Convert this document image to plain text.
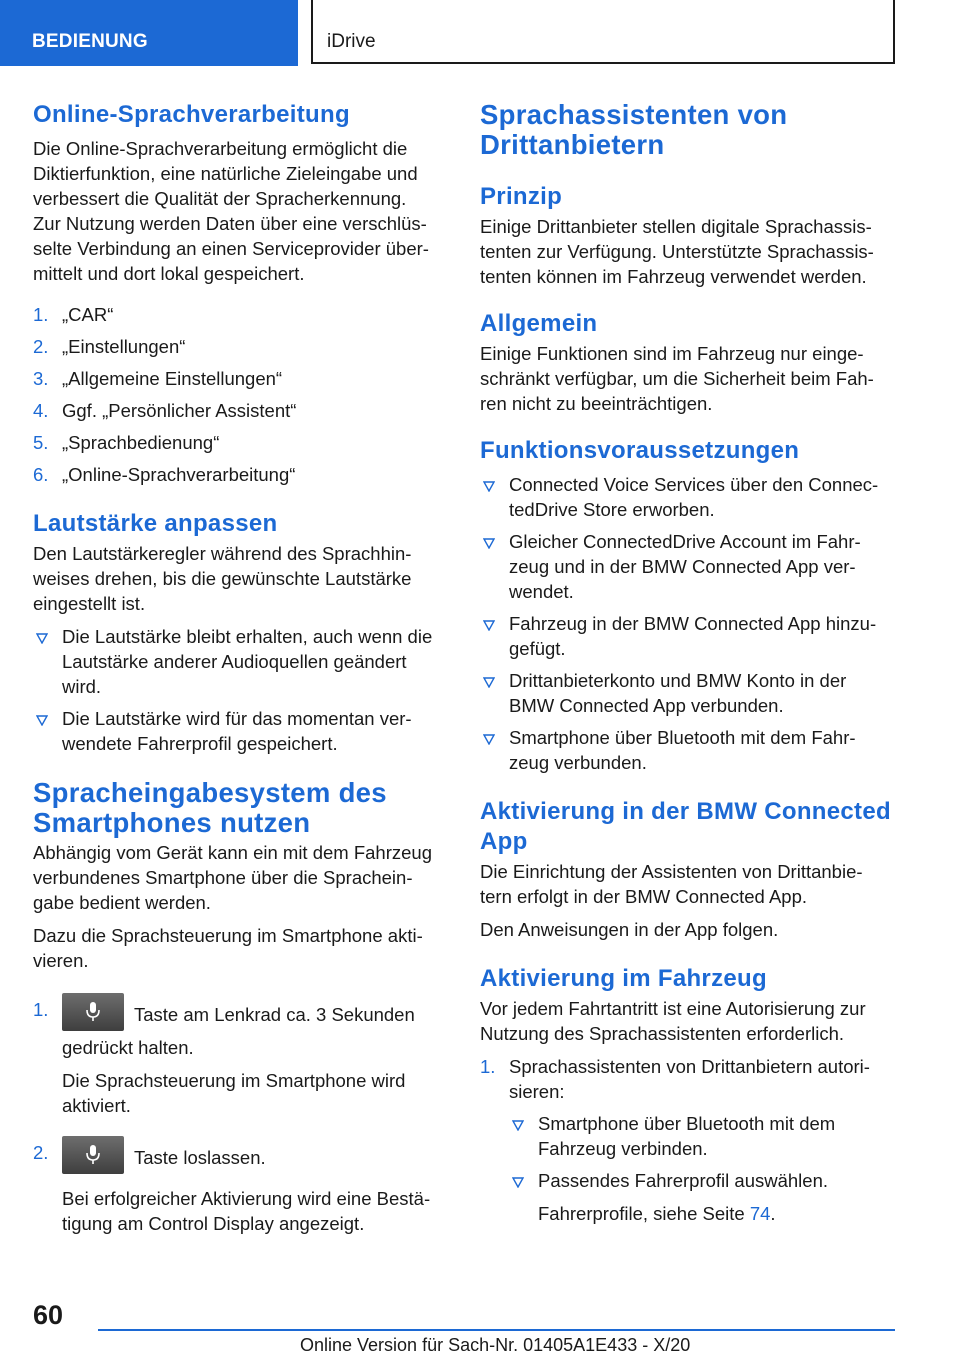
BEDIENUNG	iDrive
Online-Sprachverarbeitung

Die Online-Sprachverarbeitung ermöglicht die
Diktierfunktion, eine natürliche Zieleingabe und
verbessert die Qualität der Spracherkennung.
Zur Nutzung werden Daten über eine verschlüs‐
selte Verbindung an einen Serviceprovider über‐
mittelt und dort lokal gespeichert.

1. „CAR“
2. „Einstellungen“
3. „Allgemeine Einstellungen“
4. Ggf. „Persönlicher Assistent“
5. „Sprachbedienung“
6. „Online-Sprachverarbeitung“
Lautstärke anpassen

Den Lautstärkeregler während des Sprachhin‐
weises drehen, bis die gewünschte Lautstärke
eingestellt ist.

Die Lautstärke bleibt erhalten, auch wenn die
Lautstärke anderer Audioquellen geändert
wird.
Die Lautstärke wird für das momentan ver‐
wendete Fahrerprofil gespeichert.
Spracheingabesystem des
Smartphones nutzen

Abhängig vom Gerät kann ein mit dem Fahrzeug
verbundenes Smartphone über die Sprachein‐
gabe bedient werden.

Dazu die Sprachsteuerung im Smartphone akti‐
vieren.

1.	Taste am Lenkrad ca. 3 Sekunden
gedrückt halten.
Die Sprachsteuerung im Smartphone wird
aktiviert.
2.	Taste loslassen.
Bei erfolgreicher Aktivierung wird eine Bestä‐
tigung am Control Display angezeigt.
Sprachassistenten von
Drittanbietern
Prinzip

Einige Drittanbieter stellen digitale Sprachassis‐
tenten zur Verfügung. Unterstützte Sprachassis‐
tenten können im Fahrzeug verwendet werden.

Allgemein

Einige Funktionen sind im Fahrzeug nur einge‐
schränkt verfügbar, um die Sicherheit beim Fah‐
ren nicht zu beeinträchtigen.

Funktionsvoraussetzungen
Connected Voice Services über den Connec‐
tedDrive Store erworben.
Gleicher ConnectedDrive Account im Fahr‐
zeug und in der BMW Connected App ver‐
wendet.
Fahrzeug in der BMW Connected App hinzu‐
gefügt.
Drittanbieterkonto und BMW Konto in der
BMW Connected App verbunden.
Smartphone über Bluetooth mit dem Fahr‐
zeug verbunden.
Aktivierung in der BMW Connected
App

Die Einrichtung der Assistenten von Drittanbie‐
tern erfolgt in der BMW Connected App.

Den Anweisungen in der App folgen.

Aktivierung im Fahrzeug

Vor jedem Fahrtantritt ist eine Autorisierung zur
Nutzung des Sprachassistenten erforderlich.

1. Sprachassistenten von Drittanbietern autori‐
sieren:
Smartphone über Bluetooth mit dem
Fahrzeug verbinden.
Passendes Fahrerprofil auswählen.
Fahrerprofile, siehe Seite 74.
60
Online Version für Sach-Nr. 01405A1E433 - X/20
